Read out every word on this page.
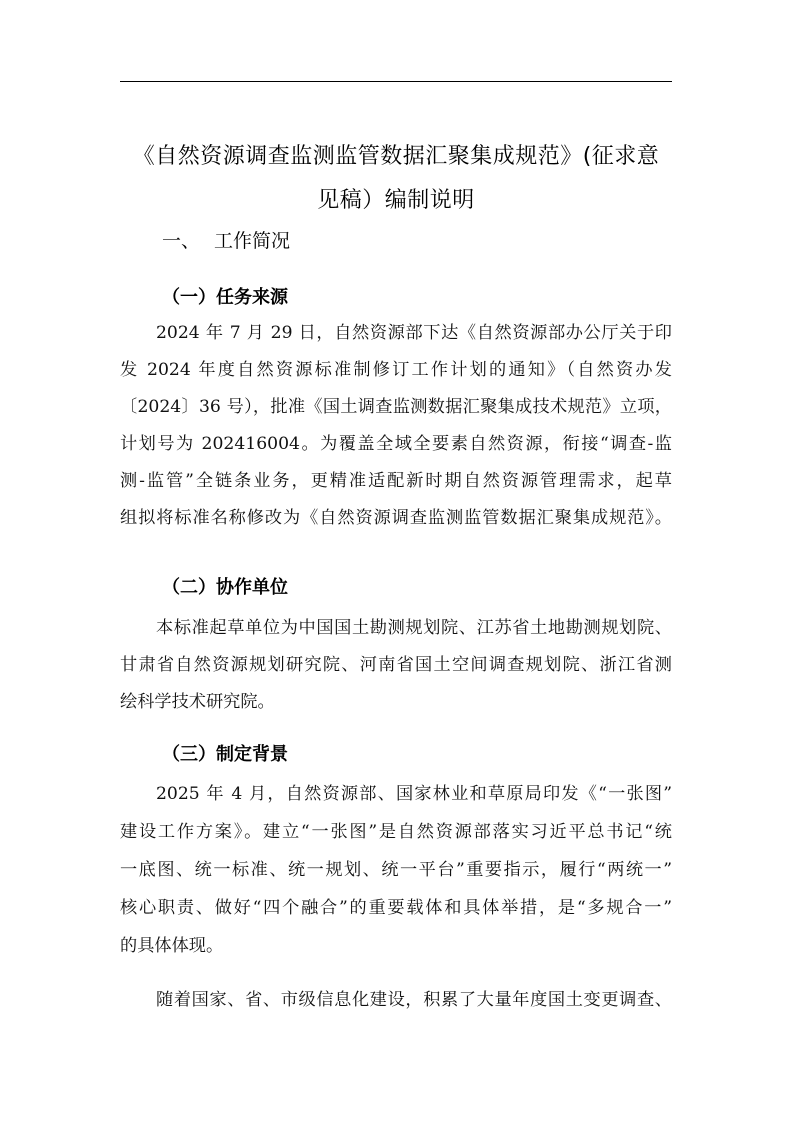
《自然资源调查监测监管数据汇聚集成规范》(征求意
见稿）编制说明
一、 工作简况
（一）任务来源
2024 年 7 月 29 日，自然资源部下达《自然资源部办公厅关于印
发 2024 年度自然资源标准制修订工作计划的通知》（自然资办发
〔2024〕36 号），批准《国土调查监测数据汇聚集成技术规范》立项，
计划号为 202416004。为覆盖全域全要素自然资源，衔接“调查-监
测-监管”全链条业务，更精准适配新时期自然资源管理需求，起草
组拟将标准名称修改为《自然资源调查监测监管数据汇聚集成规范》。
（二）协作单位
本标准起草单位为中国国土勘测规划院、江苏省土地勘测规划院、
甘肃省自然资源规划研究院、河南省国土空间调查规划院、浙江省测
绘科学技术研究院。
（三）制定背景
2025 年 4 月，自然资源部、国家林业和草原局印发《“一张图”
建设工作方案》。建立“一张图”是自然资源部落实习近平总书记“统
一底图、统一标准、统一规划、统一平台”重要指示，履行“两统一”
核心职责、做好“四个融合”的重要载体和具体举措，是“多规合一”
的具体体现。
随着国家、省、市级信息化建设，积累了大量年度国土变更调查、
